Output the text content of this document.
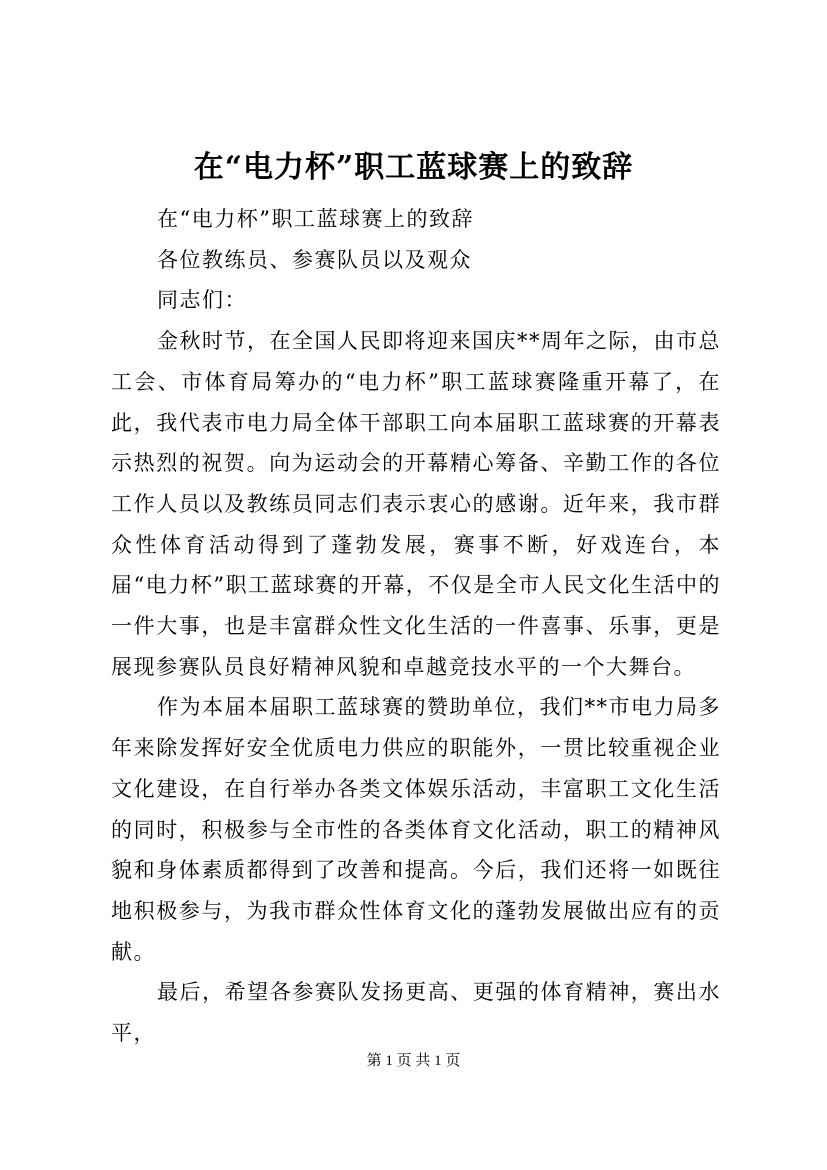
在“电力杯”职工蓝球赛上的致辞

在“电力杯”职工蓝球赛上的致辞

各位教练员、参赛队员以及观众

同志们：

金秋时节，在全国人民即将迎来国庆**周年之际，由市总工会、市体育局筹办的“电力杯”职工蓝球赛隆重开幕了，在此，我代表市电力局全体干部职工向本届职工蓝球赛的开幕表示热烈的祝贺。向为运动会的开幕精心筹备、辛勤工作的各位工作人员以及教练员同志们表示衷心的感谢。近年来，我市群众性体育活动得到了蓬勃发展，赛事不断，好戏连台，本届“电力杯”职工蓝球赛的开幕，不仅是全市人民文化生活中的一件大事，也是丰富群众性文化生活的一件喜事、乐事，更是展现参赛队员良好精神风貌和卓越竞技水平的一个大舞台。

作为本届本届职工蓝球赛的赞助单位，我们**市电力局多年来除发挥好安全优质电力供应的职能外，一贯比较重视企业文化建设，在自行举办各类文体娱乐活动，丰富职工文化生活的同时，积极参与全市性的各类体育文化活动，职工的精神风貌和身体素质都得到了改善和提高。今后，我们还将一如既往地积极参与，为我市群众性体育文化的蓬勃发展做出应有的贡献。

最后，希望各参赛队发扬更高、更强的体育精神，赛出水平，

第 1 页 共 1 页
